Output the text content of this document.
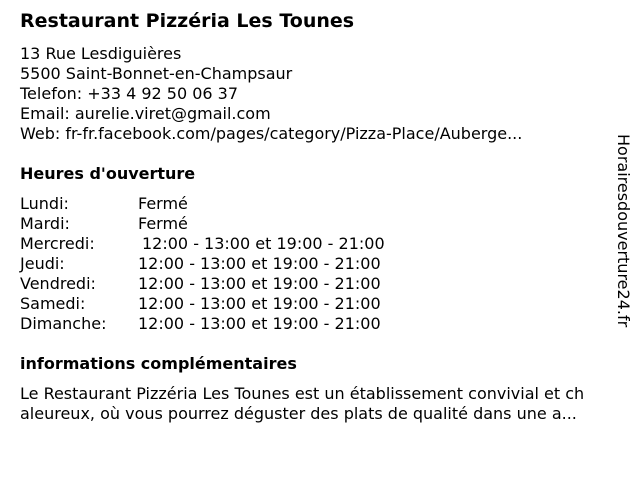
Restaurant Pizzéria Les Tounes
13 Rue Lesdiguières
5500 Saint-Bonnet-en-Champsaur
Telefon: +33 4 92 50 06 37
Email: aurelie.viret@gmail.com
Web: fr-fr.facebook.com/pages/category/Pizza-Place/Auberge...
Heures d'ouverture
Lundi:	Fermé
Mardi:	Fermé
Mercredi:	12:00 - 13:00 et 19:00 - 21:00
Jeudi:	12:00 - 13:00 et 19:00 - 21:00
Vendredi:	12:00 - 13:00 et 19:00 - 21:00
Samedi:	12:00 - 13:00 et 19:00 - 21:00
Dimanche: 12:00 - 13:00 et 19:00 - 21:00
informations complémentaires
Le Restaurant Pizzéria Les Tounes est un établissement convivial et ch
aleureux, où vous pourrez déguster des plats de qualité dans une a...
Horairesdouverture24.fr
